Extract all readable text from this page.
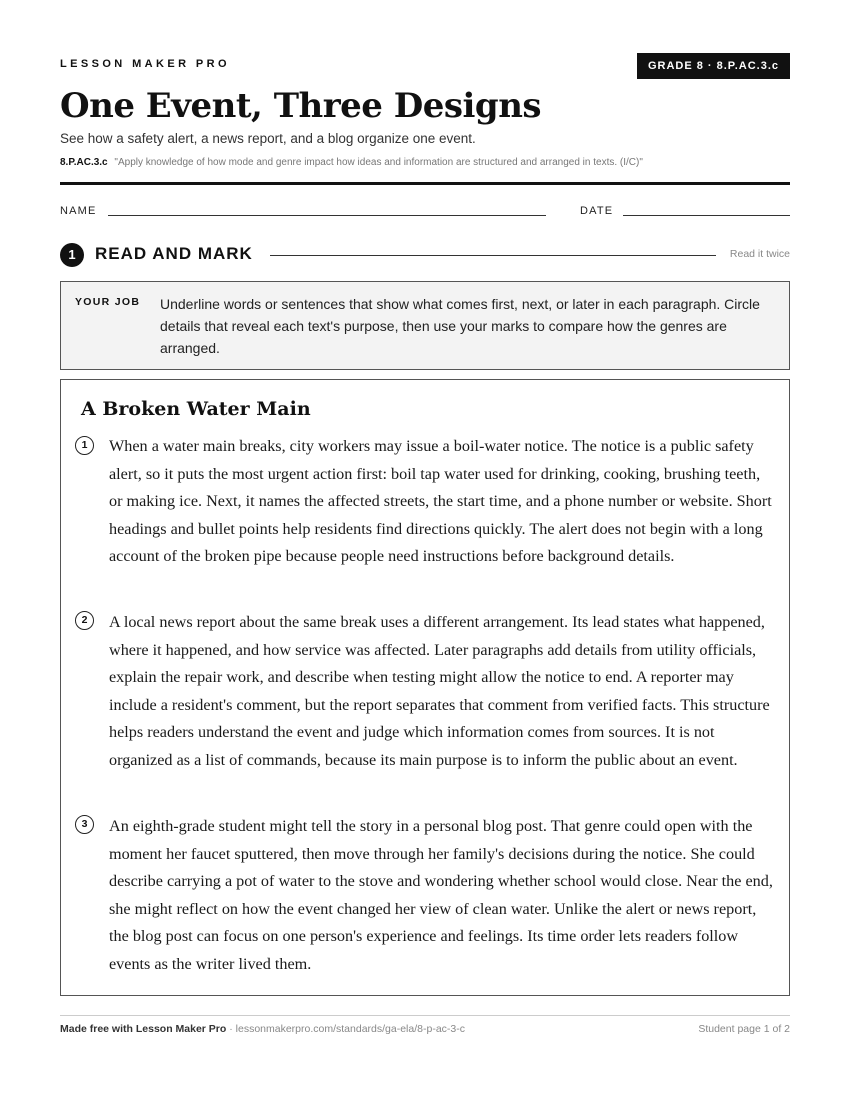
LESSON MAKER PRO	GRADE 8 · 8.P.AC.3.c
One Event, Three Designs
See how a safety alert, a news report, and a blog organize one event.
8.P.AC.3.c "Apply knowledge of how mode and genre impact how ideas and information are structured and arranged in texts. (I/C)"
NAME	DATE
1	READ AND MARK	Read it twice
YOUR JOB Underline words or sentences that show what comes first, next, or later in each paragraph. Circle details that reveal each text's purpose, then use your marks to compare how the genres are arranged.
A Broken Water Main
1	When a water main breaks, city workers may issue a boil-water notice. The notice is a public safety alert, so it puts the most urgent action first: boil tap water used for drinking, cooking, brushing teeth, or making ice. Next, it names the affected streets, the start time, and a phone number or website. Short headings and bullet points help residents find directions quickly. The alert does not begin with a long account of the broken pipe because people need instructions before background details.

2	A local news report about the same break uses a different arrangement. Its lead states what happened, where it happened, and how service was affected. Later paragraphs add details from utility officials, explain the repair work, and describe when testing might allow the notice to end. A reporter may include a resident's comment, but the report separates that comment from verified facts. This structure helps readers understand the event and judge which information comes from sources. It is not organized as a list of commands, because its main purpose is to inform the public about an event.

3	An eighth-grade student might tell the story in a personal blog post. That genre could open with the moment her faucet sputtered, then move through her family's decisions during the notice. She could describe carrying a pot of water to the stove and wondering whether school would close. Near the end, she might reflect on how the event changed her view of clean water. Unlike the alert or news report, the blog post can focus on one person's experience and feelings. Its time order lets readers follow events as the writer lived them.

Made free with Lesson Maker Pro · lessonmakerpro.com/standards/ga-ela/8-p-ac-3-c	Student page 1 of 2
